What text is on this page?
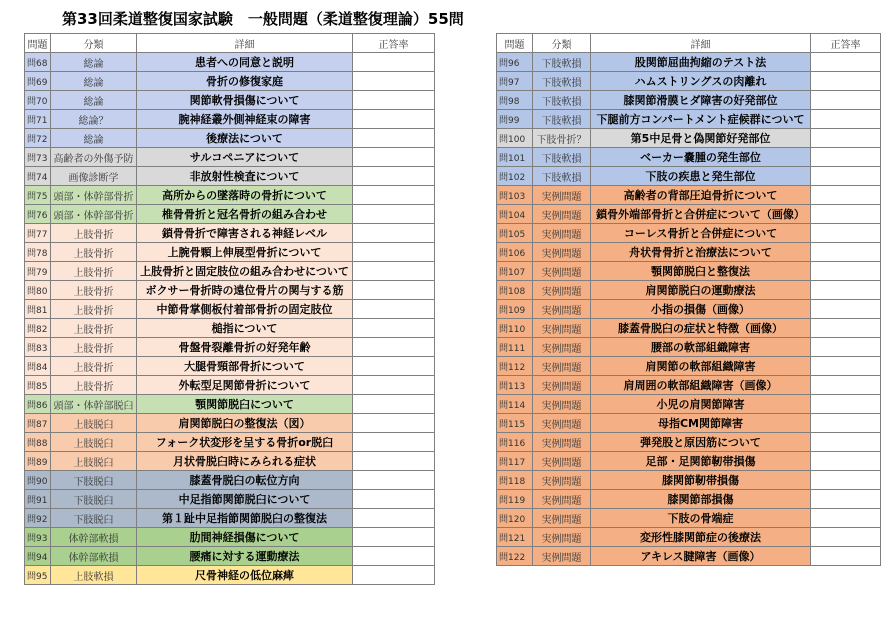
第33回柔道整復国家試験　一般問題（柔道整復理論）55問
問題	分類	詳細	正答率
問68	総論	患者への同意と説明	
問69	総論	骨折の修復家庭	
問70	総論	関節軟骨損傷について	
問71	総論？	腕神経叢外側神経束の障害	
問72	総論	後療法について	
問73	高齢者の外傷予防	サルコペニアについて	
問74	画像診断学	非放射性検査について	
問75	頭部・体幹部骨折	高所からの墜落時の骨折について	
問76	頭部・体幹部骨折	椎骨骨折と冠名骨折の組み合わせ	
問77	上肢骨折	鎖骨骨折で障害される神経レベル	
問78	上肢骨折	上腕骨顆上伸展型骨折について	
問79	上肢骨折	上肢骨折と固定肢位の組み合わせについて	
問80	上肢骨折	ボクサー骨折時の遠位骨片の関与する筋	
問81	上肢骨折	中節骨掌側板付着部骨折の固定肢位	
問82	上肢骨折	槌指について	
問83	上肢骨折	骨盤骨裂離骨折の好発年齢	
問84	上肢骨折	大腿骨頸部骨折について	
問85	上肢骨折	外転型足関節骨折について	
問86	頭部・体幹部脱臼	顎関節脱臼について	
問87	上肢脱臼	肩関節脱臼の整復法（図）	
問88	上肢脱臼	フォーク状変形を呈する骨折or脱臼	
問89	上肢脱臼	月状骨脱臼時にみられる症状	
問90	下肢脱臼	膝蓋骨脱臼の転位方向	
問91	下肢脱臼	中足指節関節脱臼について	
問92	下肢脱臼	第１趾中足指節関節脱臼の整復法	
問93	体幹部軟損	肋間神経損傷について	
問94	体幹部軟損	腰痛に対する運動療法	
問95	上肢軟損	尺骨神経の低位麻痺	
問題	分類	詳細	正答率
問96	下肢軟損	股関節屈曲拘縮のテスト法	
問97	下肢軟損	ハムストリングスの肉離れ	
問98	下肢軟損	膝関節滑膜ヒダ障害の好発部位	
問99	下肢軟損	下腿前方コンパートメント症候群について	
問100	下肢骨折？	第5中足骨と偽関節好発部位	
問101	下肢軟損	ベーカー嚢腫の発生部位	
問102	下肢軟損	下肢の疾患と発生部位	
問103	実例問題	高齢者の背部圧迫骨折について	
問104	実例問題	鎖骨外端部骨折と合併症について（画像）	
問105	実例問題	コーレス骨折と合併症について	
問106	実例問題	舟状骨骨折と治療法について	
問107	実例問題	顎関節脱臼と整復法	
問108	実例問題	肩関節脱臼の運動療法	
問109	実例問題	小指の損傷（画像）	
問110	実例問題	膝蓋骨脱臼の症状と特徴（画像）	
問111	実例問題	腰部の軟部組織障害	
問112	実例問題	肩関節の軟部組織障害	
問113	実例問題	肩周囲の軟部組織障害（画像）	
問114	実例問題	小児の肩関節障害	
問115	実例問題	母指CM関節障害	
問116	実例問題	弾発股と原因筋について	
問117	実例問題	足部・足関節靭帯損傷	
問118	実例問題	膝関節靭帯損傷	
問119	実例問題	膝関節部損傷	
問120	実例問題	下肢の骨端症	
問121	実例問題	変形性膝関節症の後療法	
問122	実例問題	アキレス腱障害（画像）	
